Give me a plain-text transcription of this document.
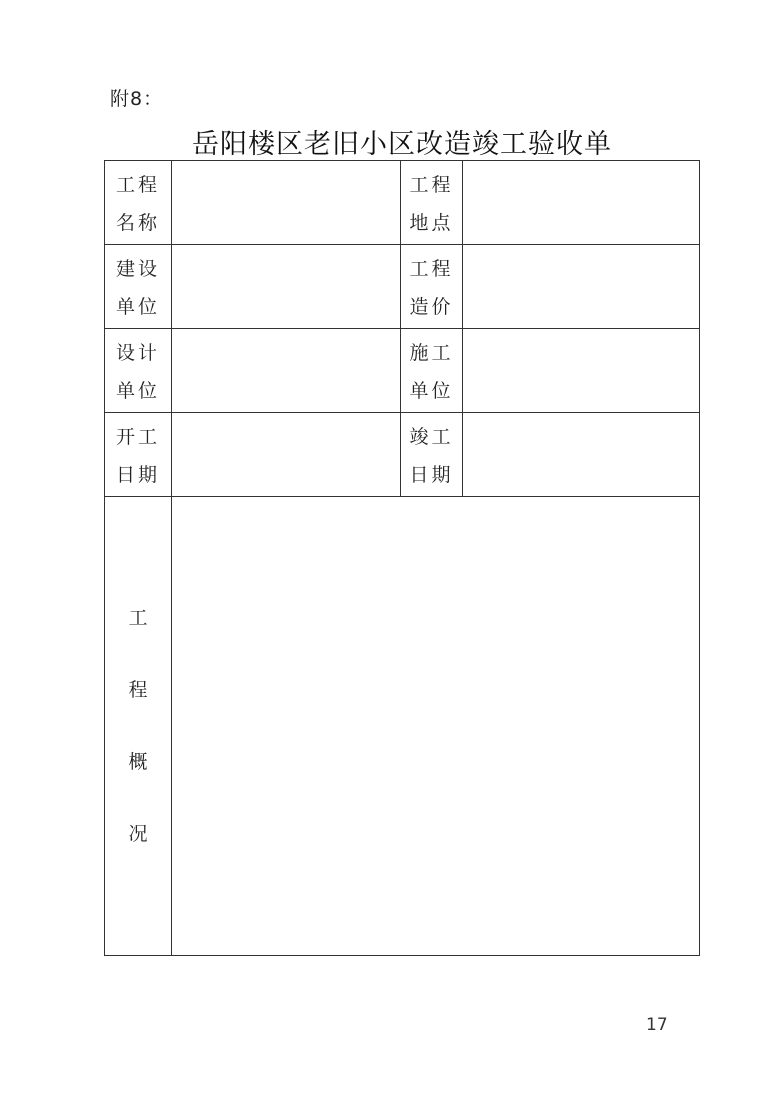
附8：
岳阳楼区老旧小区改造竣工验收单
工程
名称
工程
地点
建设
单位
工程
造价
设计
单位
施工
单位
开工
日期
竣工
日期
工
程
概
况
17
